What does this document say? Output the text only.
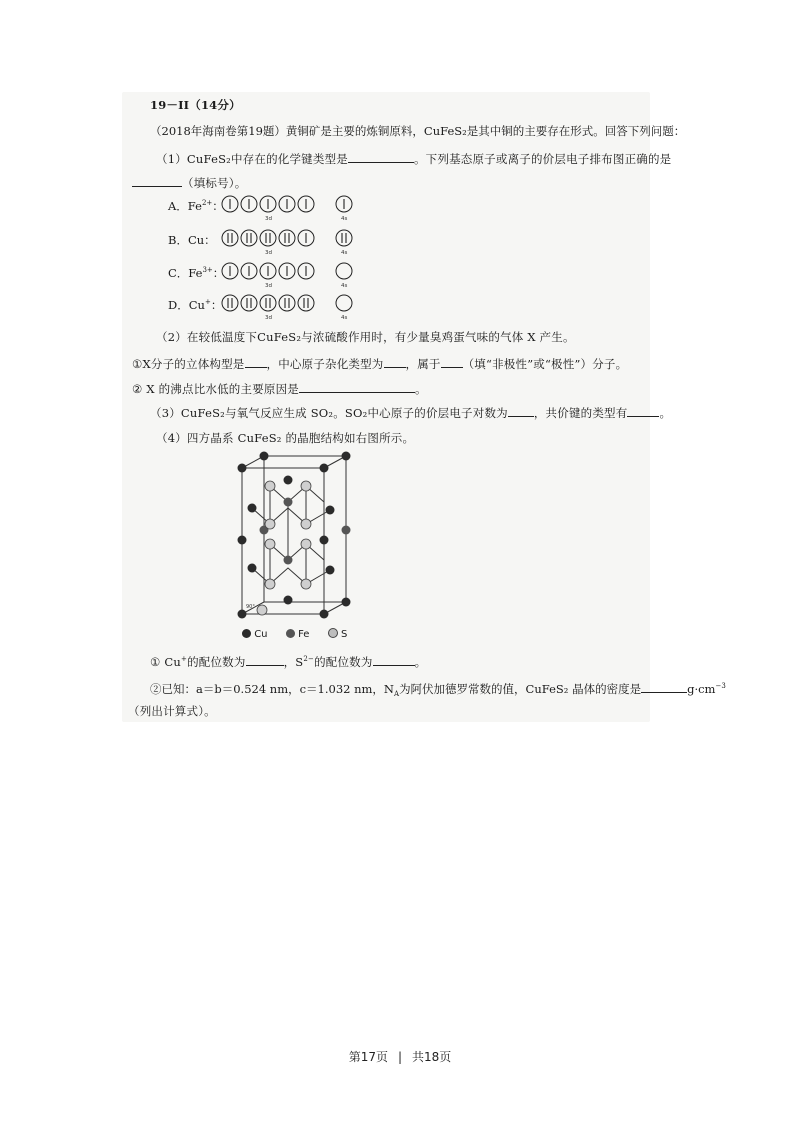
19－II（14分）
（2018年海南卷第19题）黄铜矿是主要的炼铜原料，CuFeS₂是其中铜的主要存在形式。回答下列问题：
（1）CuFeS₂中存在的化学键类型是	。下列基态原子或离子的价层电子排布图正确的是
（填标号）。
A．$Fe^{2+}$：
3d	4s
B．Cu：
3d	4s
C．$Fe^{3+}$：
3d	4s
D．Cu+：
3d	4s
（2）在较低温度下CuFeS₂与浓硫酸作用时，有少量臭鸡蛋气味的气体 X 产生。
①X分子的立体构型是 ，中心原子杂化类型为 ，属于 （填“非极性”或“极性”）分子。
② X 的沸点比水低的主要原因是	。
（3）CuFeS₂与氧气反应生成 SO₂。SO₂中心原子的价层电子对数为 ，共价键的类型有	。
（4）四方晶系 CuFeS₂ 的晶胞结构如右图所示。
90°
Cu	Fe	S
① Cu+的配位数为	，$S^{2-}$的配位数为	。
②已知：a＝b＝0.524 nm，c＝1.032 nm，$N_A$为阿伏加德罗常数的值，CuFeS₂ 晶体的密度是	$g\cdot cm^{-3}$
（列出计算式）。
第17页 | 共18页
